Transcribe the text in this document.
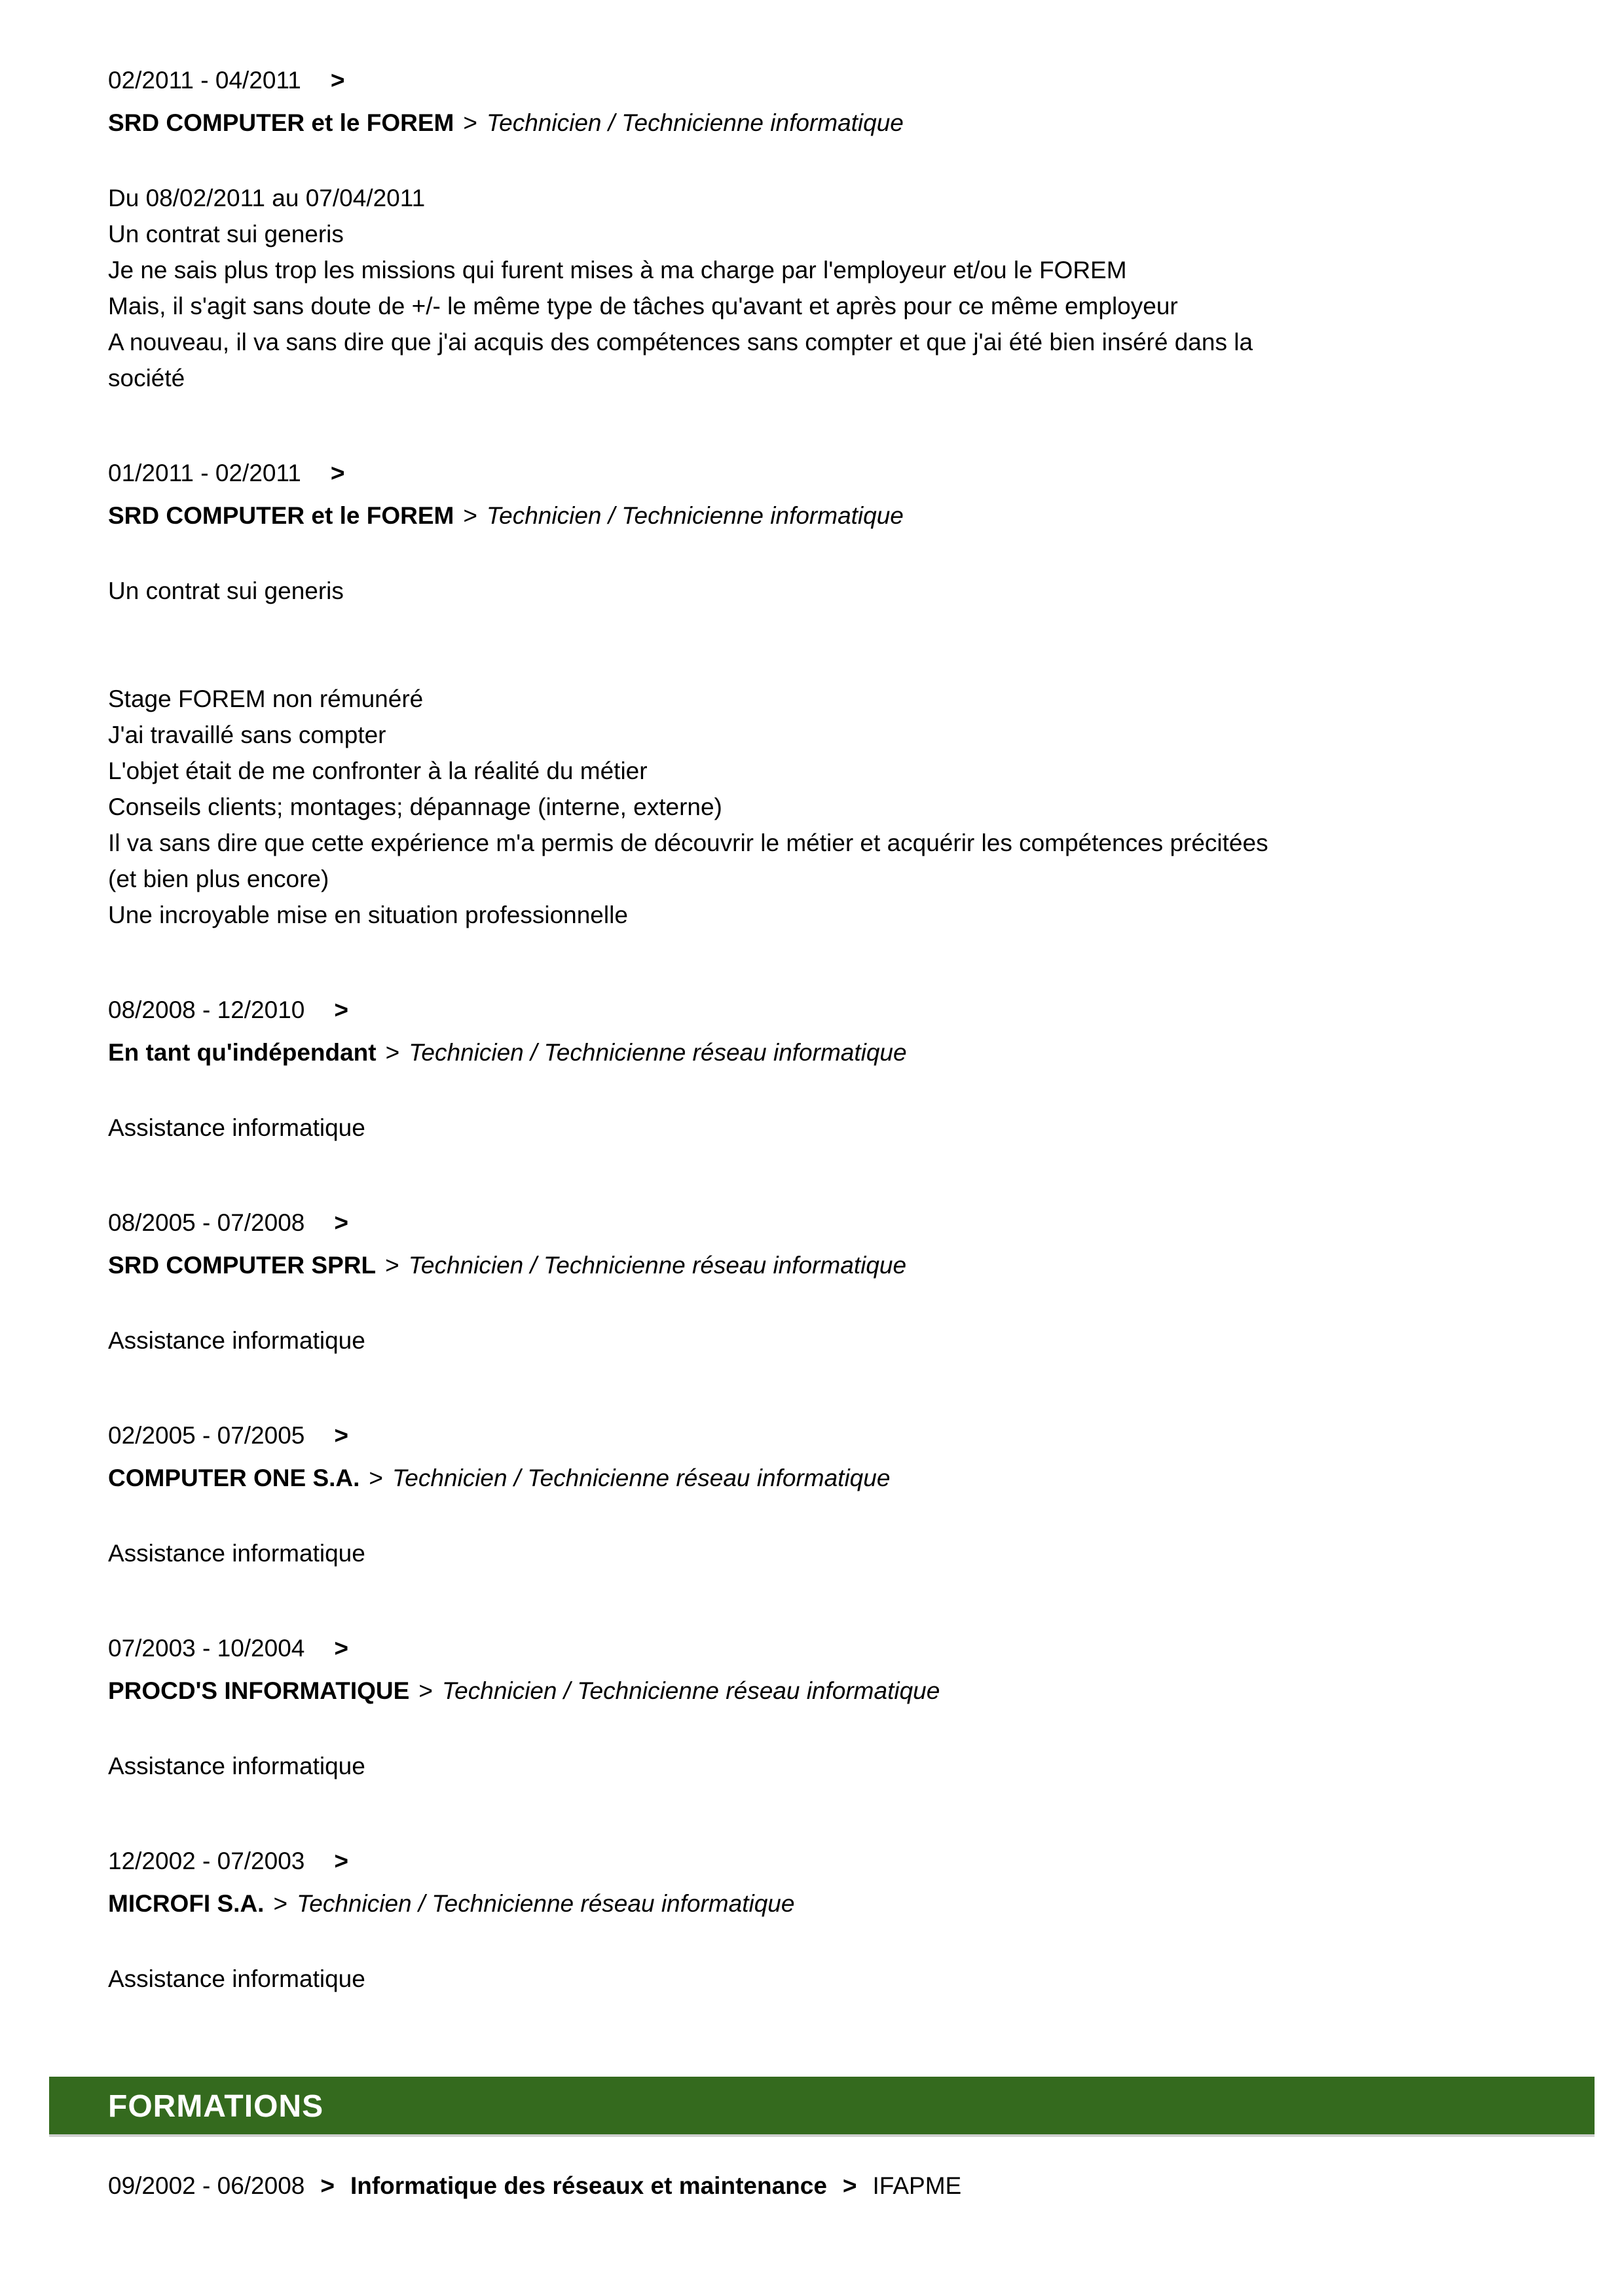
02/2011 - 04/2011 >
SRD COMPUTER et le FOREM > Technicien / Technicienne informatique
Du 08/02/2011 au 07/04/2011
Un contrat sui generis
Je ne sais plus trop les missions qui furent mises à ma charge par l'employeur et/ou le FOREM
Mais, il s'agit sans doute de +/- le même type de tâches qu'avant et après pour ce même employeur
A nouveau, il va sans dire que j'ai acquis des compétences sans compter et que j'ai été bien inséré dans la
société
01/2011 - 02/2011 >
SRD COMPUTER et le FOREM > Technicien / Technicienne informatique
Un contrat sui generis
Stage FOREM non rémunéré
J'ai travaillé sans compter
L'objet était de me confronter à la réalité du métier
Conseils clients; montages; dépannage (interne, externe)
Il va sans dire que cette expérience m'a permis de découvrir le métier et acquérir les compétences précitées
(et bien plus encore)
Une incroyable mise en situation professionnelle
08/2008 - 12/2010 >
En tant qu'indépendant > Technicien / Technicienne réseau informatique
Assistance informatique
08/2005 - 07/2008 >
SRD COMPUTER SPRL > Technicien / Technicienne réseau informatique
Assistance informatique
02/2005 - 07/2005 >
COMPUTER ONE S.A. > Technicien / Technicienne réseau informatique
Assistance informatique
07/2003 - 10/2004 >
PROCD'S INFORMATIQUE > Technicien / Technicienne réseau informatique
Assistance informatique
12/2002 - 07/2003 >
MICROFI S.A. > Technicien / Technicienne réseau informatique
Assistance informatique
FORMATIONS
09/2002 - 06/2008 > Informatique des réseaux et maintenance > IFAPME
